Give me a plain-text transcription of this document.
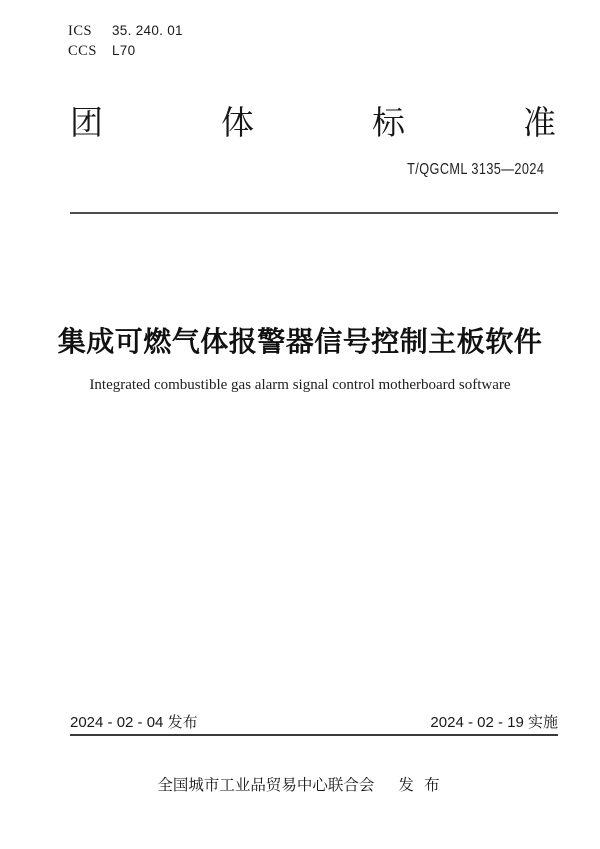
ICS	35. 240. 01
CCS	L70
团	体	标	准
T/QGCML 3135—2024
集成可燃气体报警器信号控制主板软件
Integrated combustible gas alarm signal control motherboard software
2024 - 02 - 04 发布	2024 - 02 - 19 实施
全国城市工业品贸易中心联合会 发 布
